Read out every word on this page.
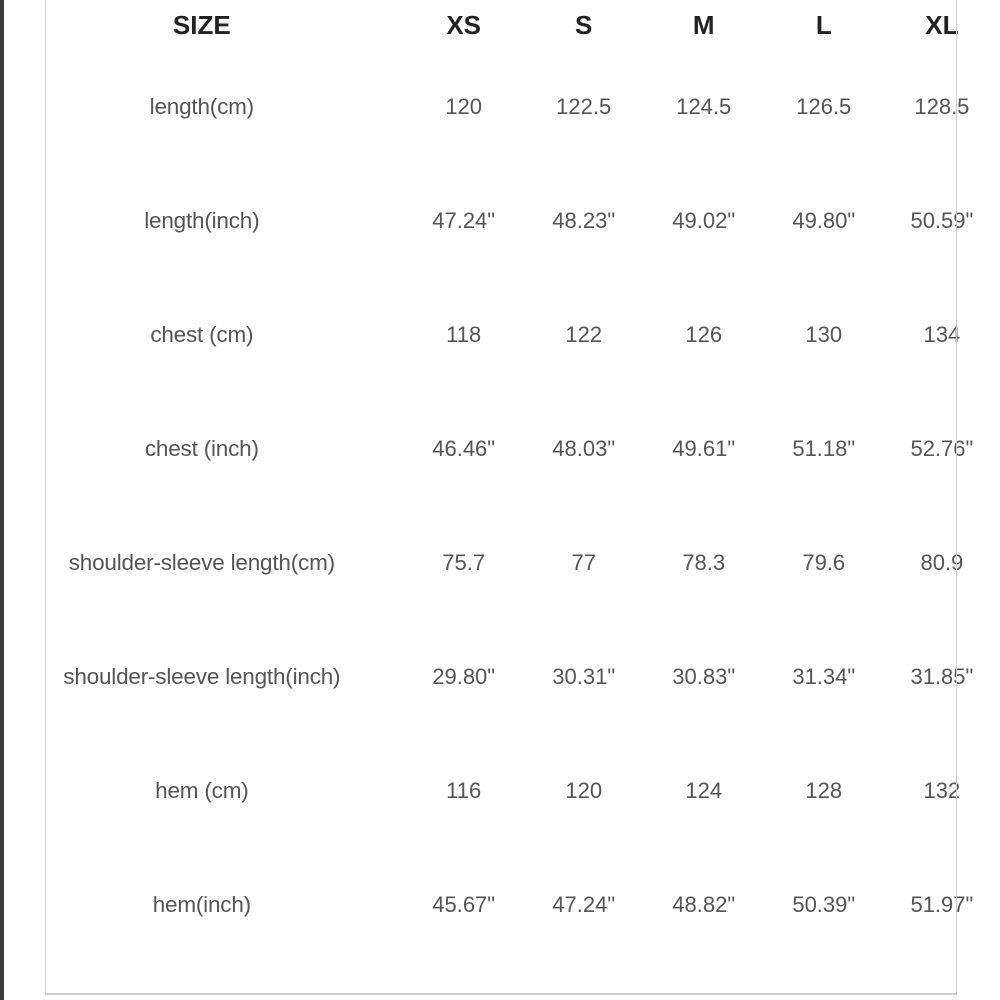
SIZE	XS	S	M	L	XL
length(cm)	120	122.5	124.5	126.5	128.5
length(inch)	47.24"	48.23"	49.02"	49.80"	50.59"
chest (cm)	118	122	126	130	134
chest (inch)	46.46"	48.03"	49.61"	51.18"	52.76"
shoulder-sleeve length(cm)	75.7	77	78.3	79.6	80.9
shoulder-sleeve length(inch)	29.80"	30.31"	30.83"	31.34"	31.85"
hem (cm)	116	120	124	128	132
hem(inch)	45.67"	47.24"	48.82"	50.39"	51.97"
